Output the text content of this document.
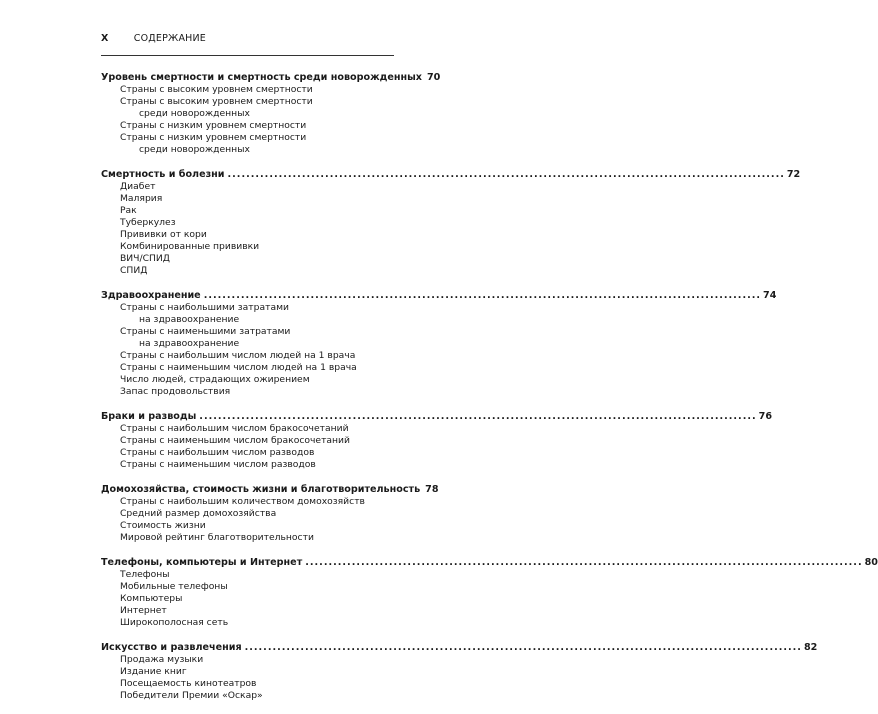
X	СОДЕРЖАНИЕ
Уровень смертности и смертность среди новорожденных 70
Страны с высоким уровнем смертности
Страны с высоким уровнем смертности
среди новорожденных
Страны с низким уровнем смертности
Страны с низким уровнем смертности
среди новорожденных
Смертность и болезни ........................................................................................................................ 72
Диабет
Малярия
Рак
Туберкулез
Прививки от кори
Комбинированные прививки
ВИЧ/СПИД
СПИД
Здравоохранение ........................................................................................................................ 74
Страны с наибольшими затратами
на здравоохранение
Страны с наименьшими затратами
на здравоохранение
Страны с наибольшим числом людей на 1 врача
Страны с наименьшим числом людей на 1 врача
Число людей, страдающих ожирением
Запас продовольствия
Браки и разводы ........................................................................................................................ 76
Страны с наибольшим числом бракосочетаний
Страны с наименьшим числом бракосочетаний
Страны с наибольшим числом разводов
Страны с наименьшим числом разводов
Домохозяйства, стоимость жизни и благотворительность 78
Страны с наибольшим количеством домохозяйств
Средний размер домохозяйства
Стоимость жизни
Мировой рейтинг благотворительности
Телефоны, компьютеры и Интернет ........................................................................................................................ 80
Телефоны
Мобильные телефоны
Компьютеры
Интернет
Широкополосная сеть
Искусство и развлечения ........................................................................................................................ 82
Продажа музыки
Издание книг
Посещаемость кинотеатров
Победители Премии «Оскар»
